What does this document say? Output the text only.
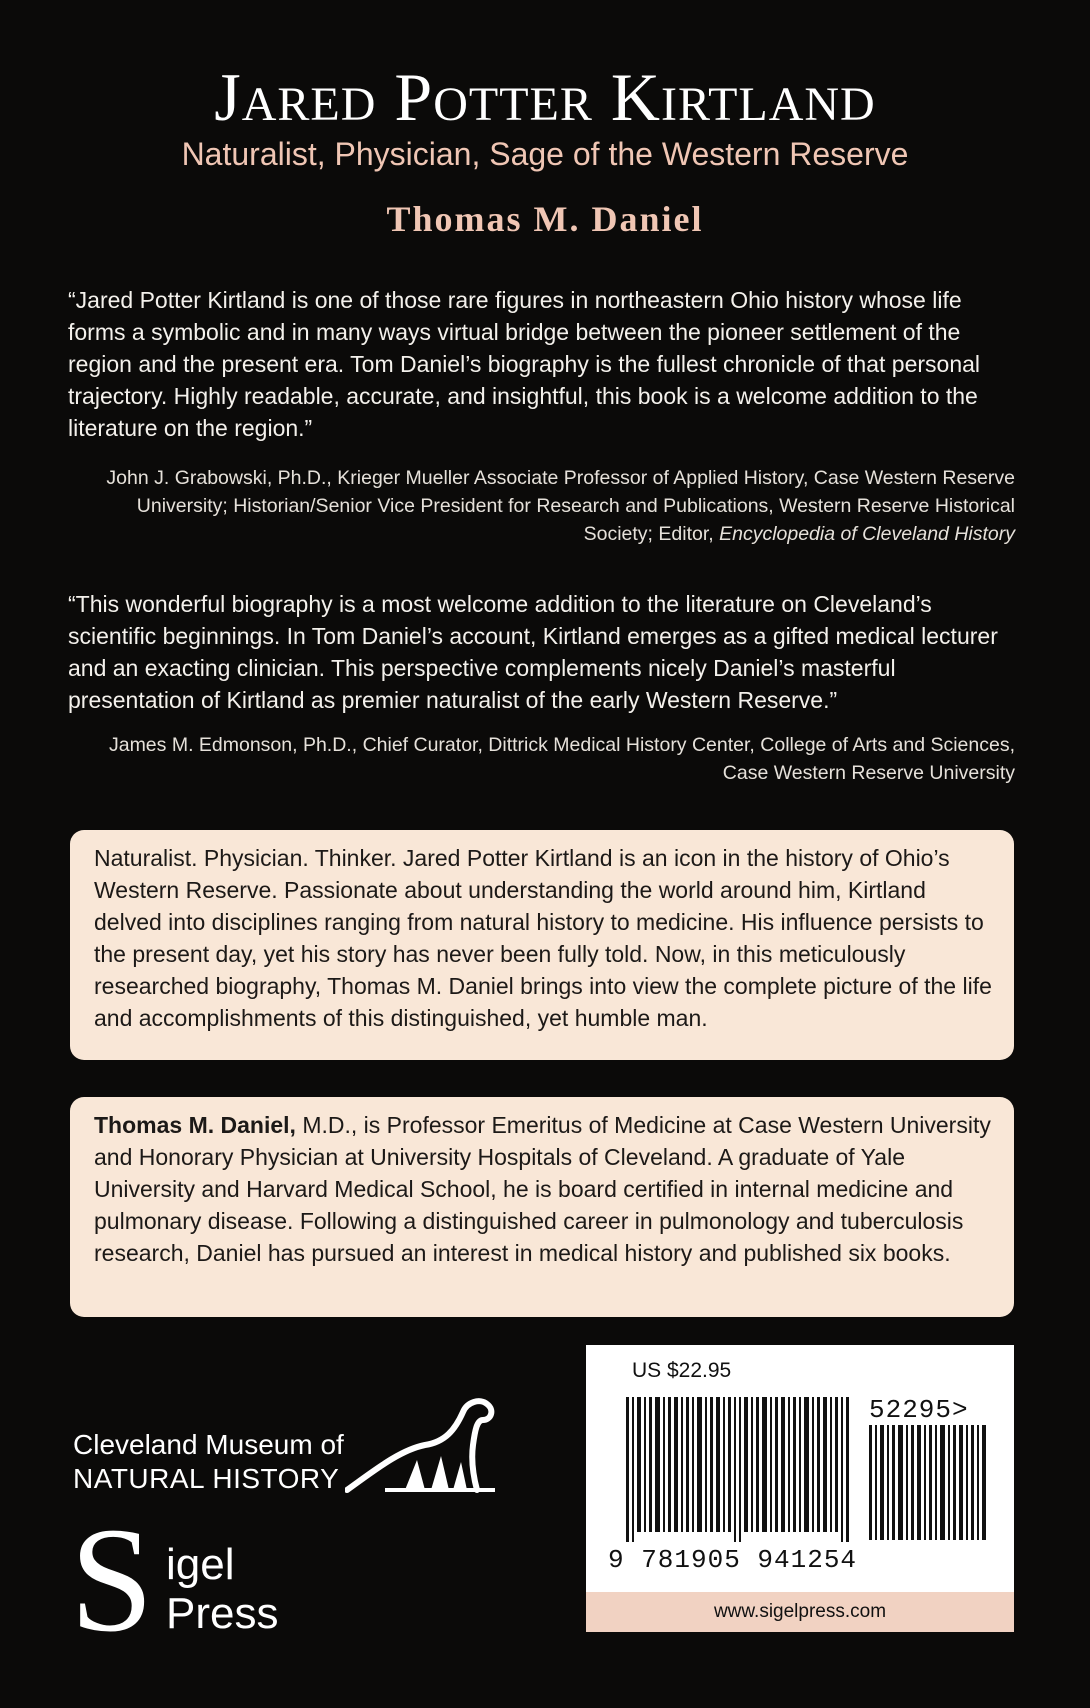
Jared Potter Kirtland
Naturalist, Physician, Sage of the Western Reserve
Thomas M. Daniel
“Jared Potter Kirtland is one of those rare figures in northeastern Ohio history whose life forms a symbolic and in many ways virtual bridge between the pioneer settlement of the region and the present era. Tom Daniel’s biography is the fullest chronicle of that personal trajectory. Highly readable, accurate, and insightful, this book is a welcome addition to the literature on the region.”
John J. Grabowski, Ph.D., Krieger Mueller Associate Professor of Applied History, Case Western Reserve University; Historian/Senior Vice President for Research and Publications, Western Reserve Historical Society; Editor, Encyclopedia of Cleveland History
“This wonderful biography is a most welcome addition to the literature on Cleveland’s scientific beginnings. In Tom Daniel’s account, Kirtland emerges as a gifted medical lecturer and an exacting clinician. This perspective complements nicely Daniel’s masterful presentation of Kirtland as premier naturalist of the early Western Reserve.”
James M. Edmonson, Ph.D., Chief Curator, Dittrick Medical History Center, College of Arts and Sciences, Case Western Reserve University
Naturalist. Physician. Thinker. Jared Potter Kirtland is an icon in the history of Ohio’s Western Reserve. Passionate about understanding the world around him, Kirtland delved into disciplines ranging from natural history to medicine. His influence persists to the present day, yet his story has never been fully told. Now, in this meticulously researched biography, Thomas M. Daniel brings into view the complete picture of the life and accomplishments of this distinguished, yet humble man.
Thomas M. Daniel, M.D., is Professor Emeritus of Medicine at Case Western University and Honorary Physician at University Hospitals of Cleveland. A graduate of Yale University and Harvard Medical School, he is board certified in internal medicine and pulmonary disease. Following a distinguished career in pulmonology and tuberculosis research, Daniel has pursued an interest in medical history and published six books.
Cleveland Museum of
NATURAL HISTORY
S igel
Press
US $22.95
52295>
9 781905 941254
www.sigelpress.com
